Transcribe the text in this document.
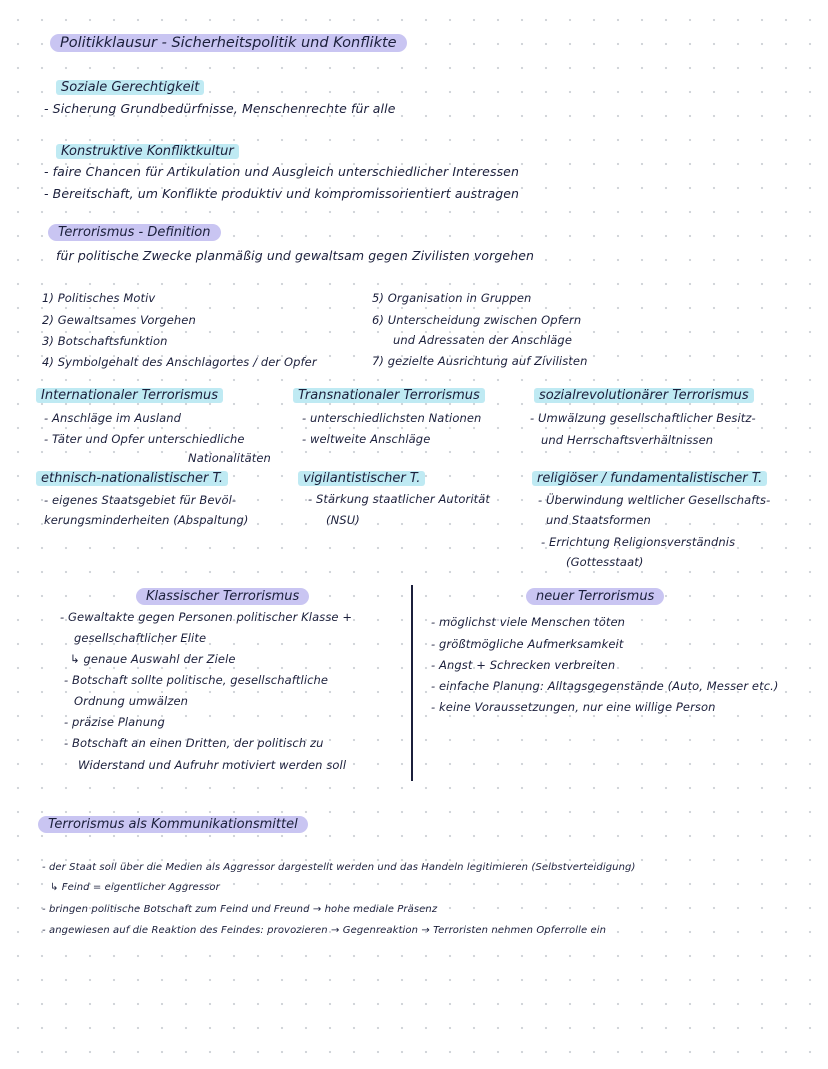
Politikklausur - Sicherheitspolitik und Konflikte
Soziale Gerechtigkeit
- Sicherung Grundbedürfnisse, Menschenrechte für alle
Konstruktive Konfliktkultur
- faire Chancen für Artikulation und Ausgleich unterschiedlicher Interessen
- Bereitschaft, um Konflikte produktiv und kompromissorientiert austragen
Terrorismus - Definition
für politische Zwecke planmäßig und gewaltsam gegen Zivilisten vorgehen
1) Politisches Motiv
2) Gewaltsames Vorgehen
3) Botschaftsfunktion
4) Symbolgehalt des Anschlagortes / der Opfer
5) Organisation in Gruppen
6) Unterscheidung zwischen Opfern
und Adressaten der Anschläge
7) gezielte Ausrichtung auf Zivilisten
Internationaler Terrorismus
- Anschläge im Ausland
- Täter und Opfer unterschiedliche
Nationalitäten
Transnationaler Terrorismus
- unterschiedlichsten Nationen
- weltweite Anschläge
sozialrevolutionärer Terrorismus
- Umwälzung gesellschaftlicher Besitz-
und Herrschaftsverhältnissen
ethnisch-nationalistischer T.
- eigenes Staatsgebiet für Bevöl-
kerungsminderheiten (Abspaltung)
vigilantistischer T.
- Stärkung staatlicher Autorität
(NSU)
religiöser / fundamentalistischer T.
- Überwindung weltlicher Gesellschafts-
und Staatsformen
- Errichtung Religionsverständnis
(Gottesstaat)
Klassischer Terrorismus
- Gewaltakte gegen Personen politischer Klasse +
gesellschaftlicher Elite
↳ genaue Auswahl der Ziele
- Botschaft sollte politische, gesellschaftliche
Ordnung umwälzen
- präzise Planung
- Botschaft an einen Dritten, der politisch zu
Widerstand und Aufruhr motiviert werden soll
neuer Terrorismus
- möglichst viele Menschen töten
- größtmögliche Aufmerksamkeit
- Angst + Schrecken verbreiten
- einfache Planung: Alltagsgegenstände (Auto, Messer etc.)
- keine Voraussetzungen, nur eine willige Person
Terrorismus als Kommunikationsmittel
- der Staat soll über die Medien als Aggressor dargestellt werden und das Handeln legitimieren (Selbstverteidigung)
↳ Feind = eigentlicher Aggressor
- bringen politische Botschaft zum Feind und Freund → hohe mediale Präsenz
- angewiesen auf die Reaktion des Feindes: provozieren → Gegenreaktion → Terroristen nehmen Opferrolle ein
